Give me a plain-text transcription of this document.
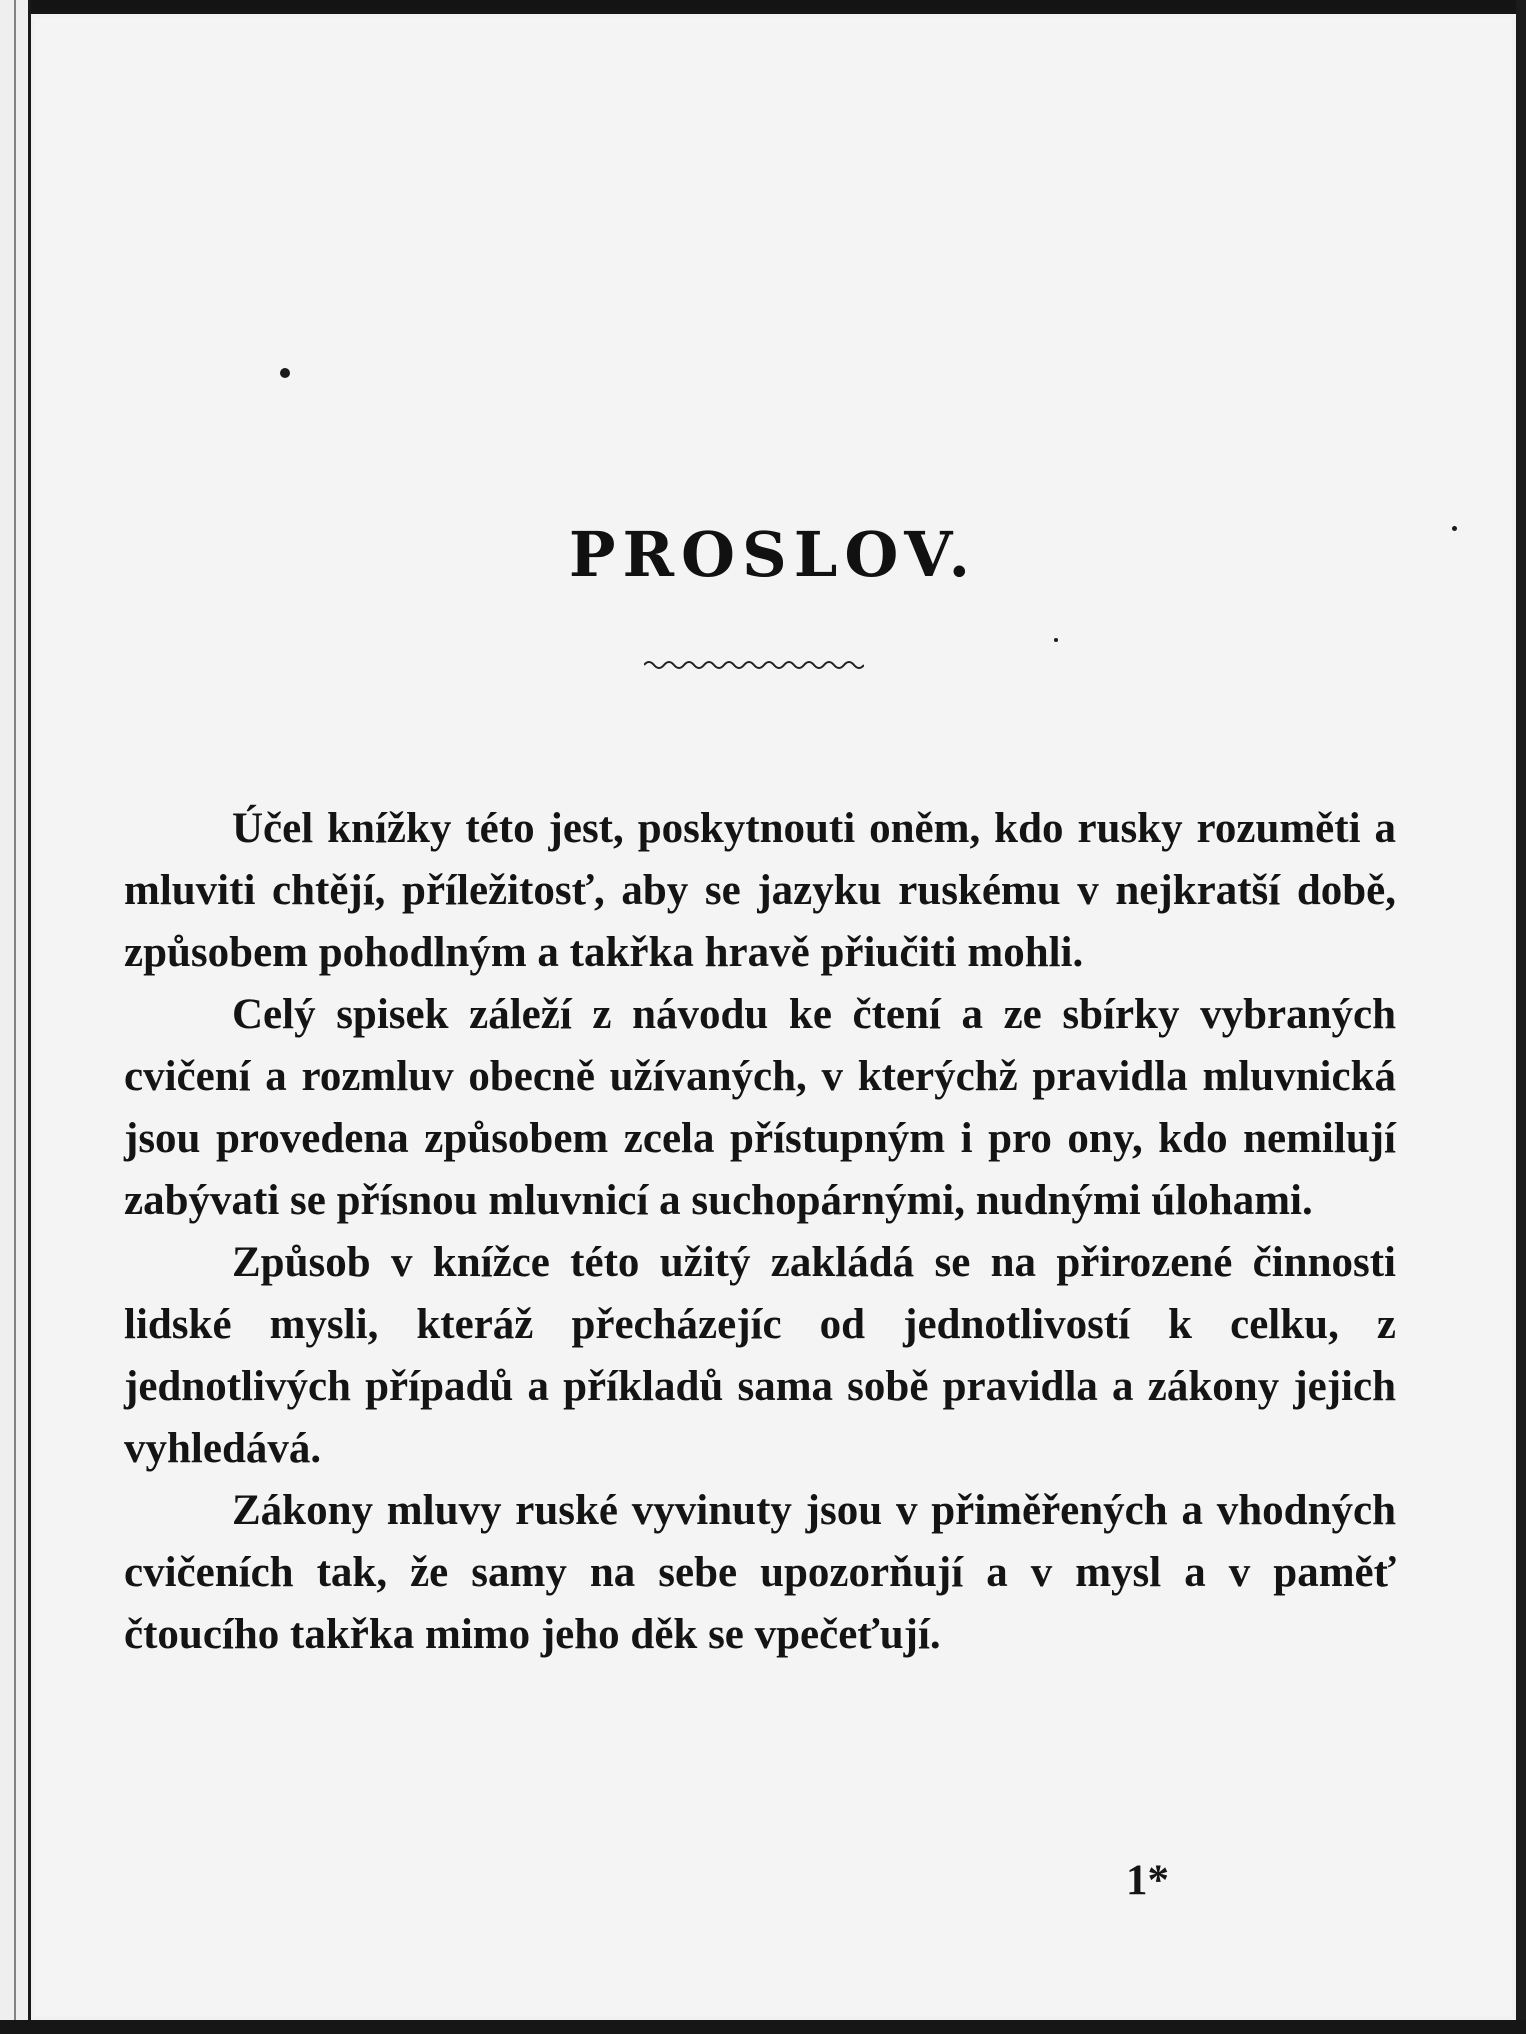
PROSLOV.

Účel knížky této jest, poskytnouti oněm, kdo rusky rozuměti a mluviti chtějí, příležitosť, aby se jazyku ruskému v nejkratší době, způsobem pohodlným a takřka hravě přiučiti mohli.

Celý spisek záleží z návodu ke čtení a ze sbírky vybraných cvičení a rozmluv obecně užívaných, v kterýchž pravidla mluvnická jsou provedena způsobem zcela přístupným i pro ony, kdo nemilují zabývati se přísnou mluvnicí a suchopárnými, nudnými úlohami.

Způsob v knížce této užitý zakládá se na přirozené činnosti lidské mysli, kteráž přecházejíc od jednotlivostí k celku, z jednotlivých případů a příkladů sama sobě pravidla a zákony jejich vyhledává.

Zákony mluvy ruské vyvinuty jsou v přiměřených a vhodných cvičeních tak, že samy na sebe upozorňují a v mysl a v paměť čtoucího takřka mimo jeho děk se vpečeťují.

1*
